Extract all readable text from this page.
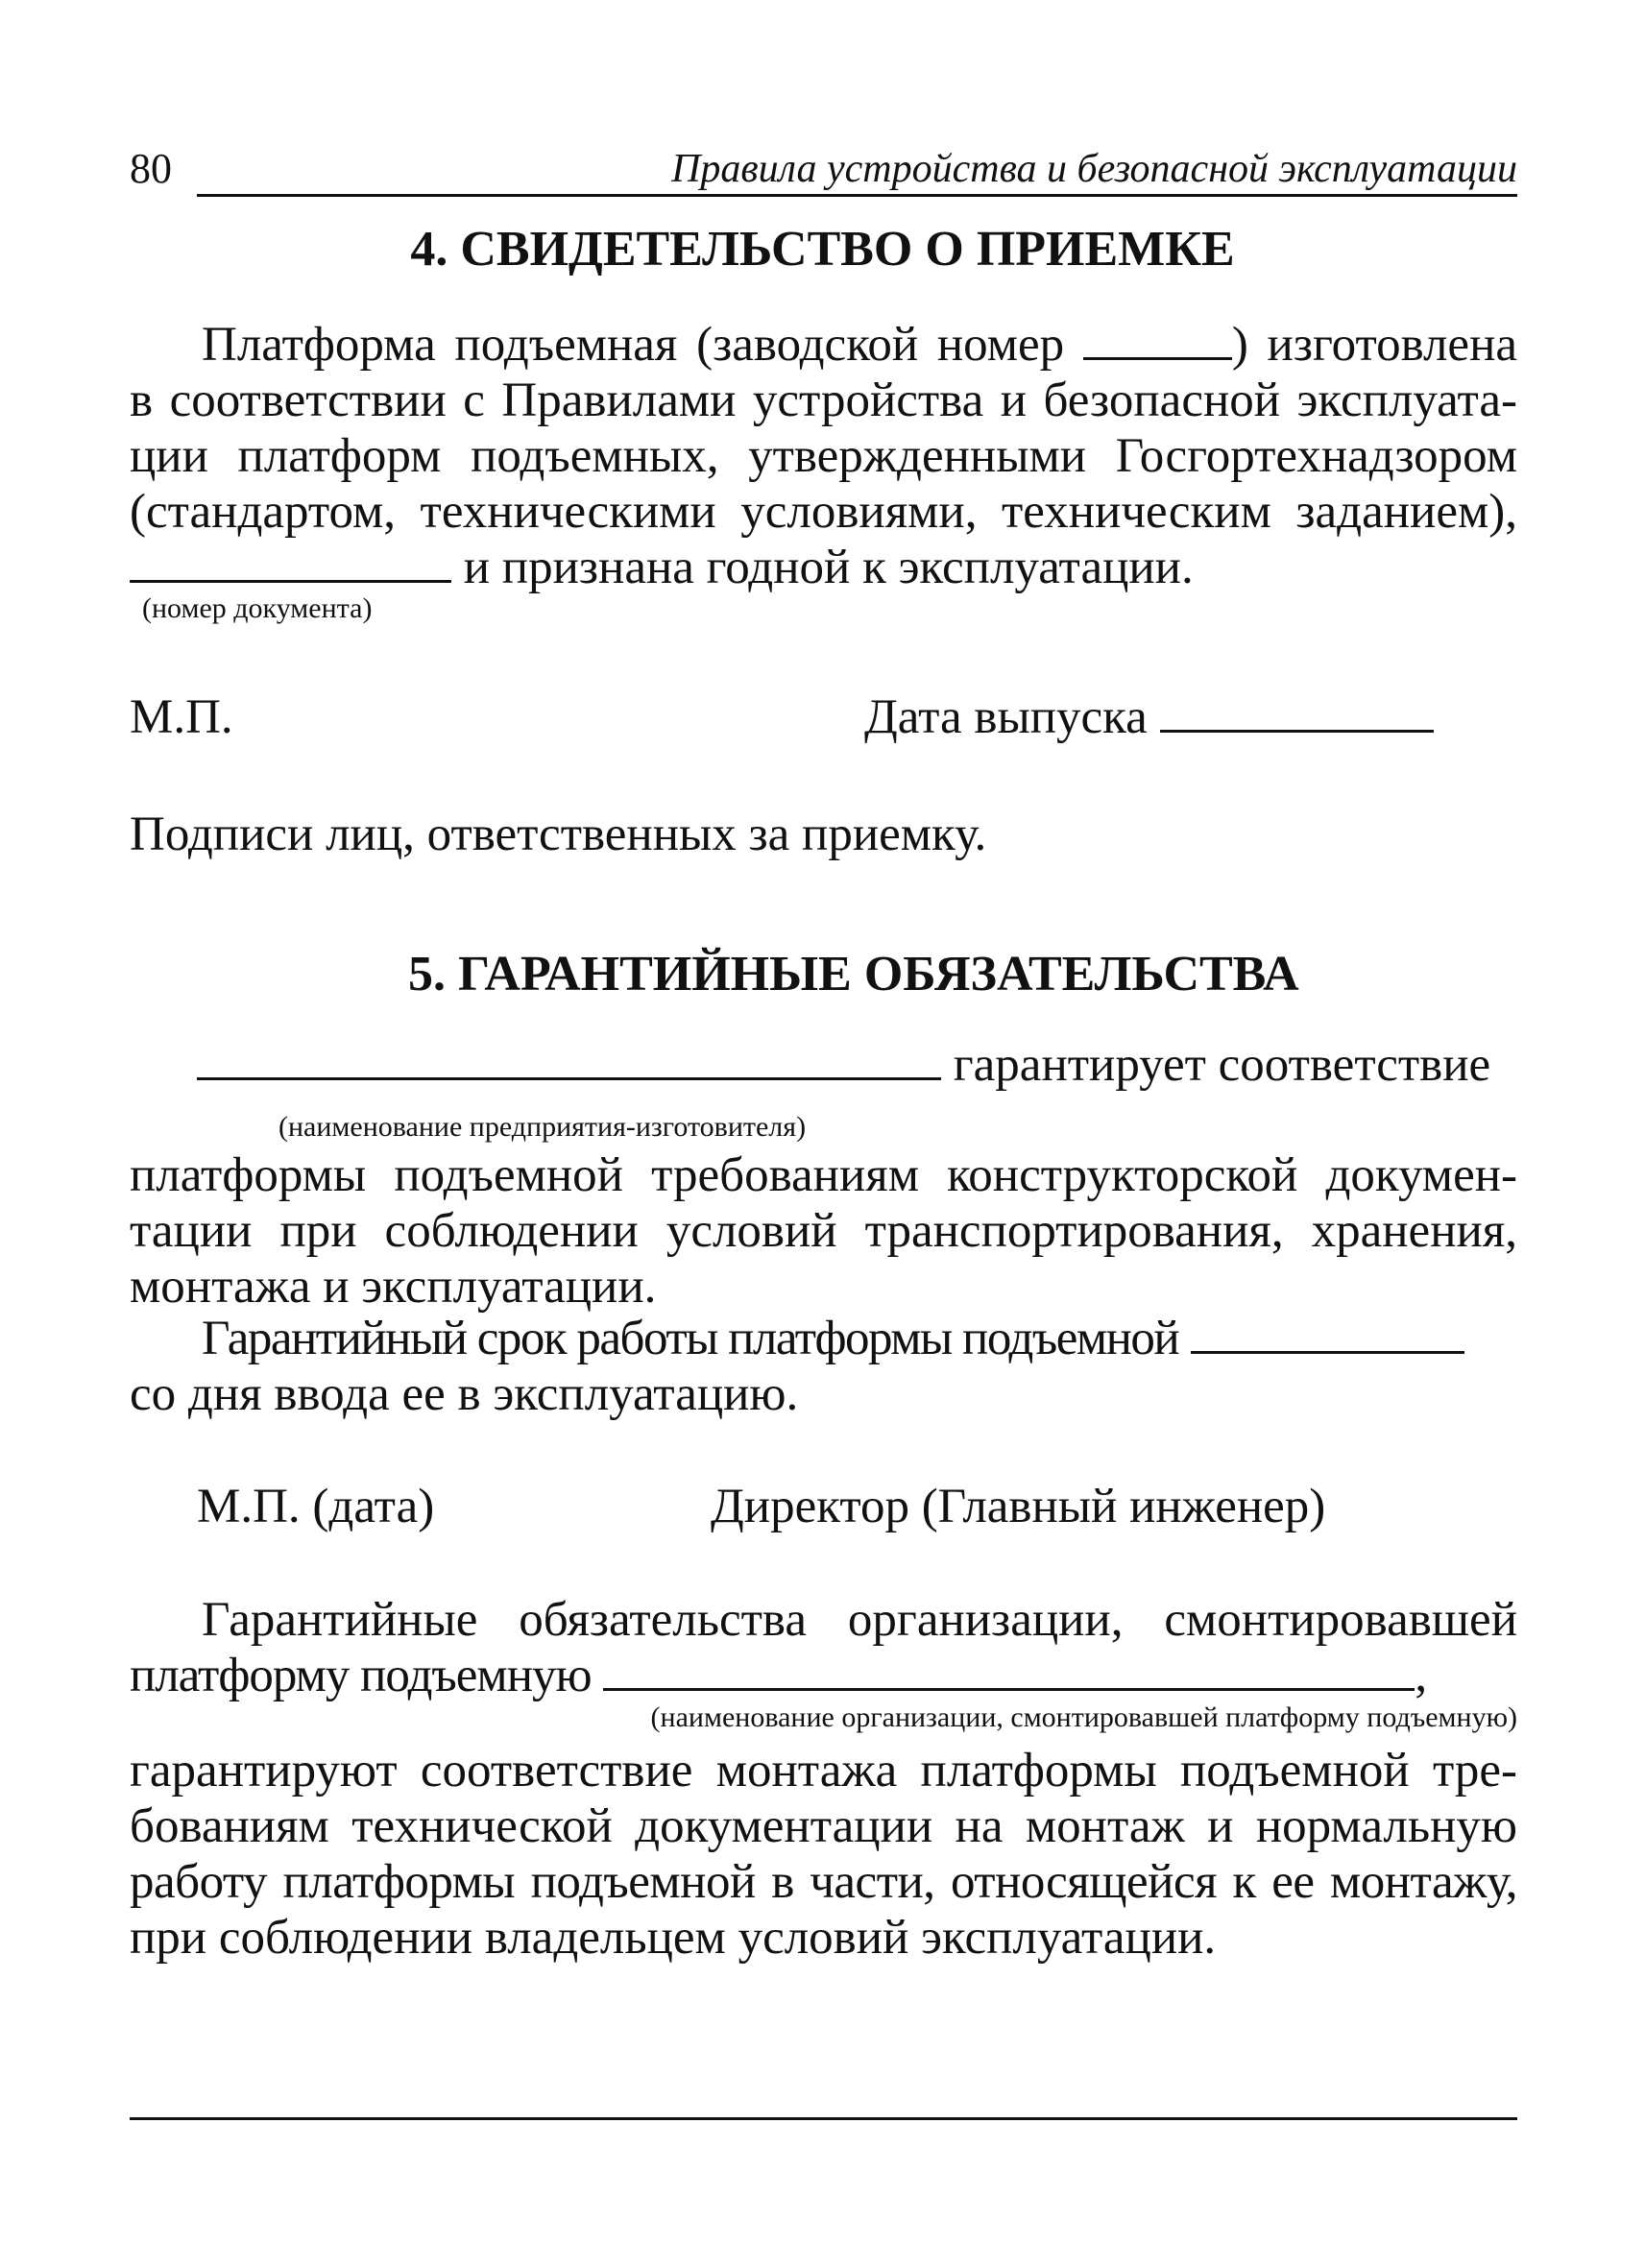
80	Правила устройства и безопасной эксплуатации
4. СВИДЕТЕЛЬСТВО О ПРИЕМКЕ
Платформа подъемная (заводской номер	) изготовлена
в соответствии с Правилами устройства и безопасной эксплуата-
ции платформ подъемных, утвержденными Госгортехнадзором
(стандартом, техническими условиями, техническим заданием),
и признана годной к эксплуатации.
(номер документа)
М.П.	Дата выпуска
Подписи лиц, ответственных за приемку.
5. ГАРАНТИЙНЫЕ ОБЯЗАТЕЛЬСТВА
гарантирует соответствие
(наименование предприятия-изготовителя)
платформы подъемной требованиям конструкторской докумен-
тации при соблюдении условий транспортирования, хранения,
монтажа и эксплуатации.
Гарантийный срок работы платформы подъемной
со дня ввода ее в эксплуатацию.
М.П. (дата)	Директор (Главный инженер)
Гарантийные обязательства организации, смонтировавшей
платформу подъемную	,
(наименование организации, смонтировавшей платформу подъемную)
гарантируют соответствие монтажа платформы подъемной тре-
бованиям технической документации на монтаж и нормальную
работу платформы подъемной в части, относящейся к ее монтажу,
при соблюдении владельцем условий эксплуатации.
